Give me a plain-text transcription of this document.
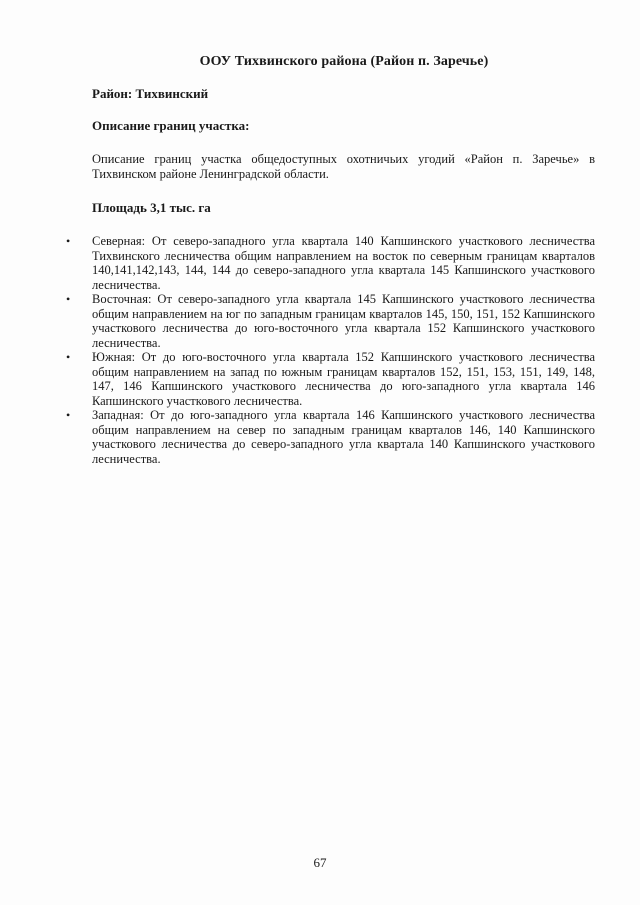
ООУ Тихвинского района (Район п. Заречье)
Район: Тихвинский
Описание границ участка:
Описание границ участка общедоступных охотничьих угодий «Район п. Заречье» в Тихвинском районе Ленинградской области.
Площадь 3,1 тыс. га
• Северная: От северо-западного угла квартала 140 Капшинского участкового лесничества Тихвинского лесничества общим направлением на восток по северным границам кварталов 140,141,142,143, 144, 144 до северо-западного угла квартала 145 Капшинского участкового лесничества.
• Восточная: От северо-западного угла квартала 145 Капшинского участкового лесничества общим направлением на юг по западным границам кварталов 145, 150, 151, 152 Капшинского участкового лесничества до юго-восточного угла квартала 152 Капшинского участкового лесничества.
• Южная: От до юго-восточного угла квартала 152 Капшинского участкового лесничества общим направлением на запад по южным границам кварталов 152, 151, 153, 151, 149, 148, 147, 146 Капшинского участкового лесничества до юго-западного угла квартала 146 Капшинского участкового лесничества.
• Западная: От до юго-западного угла квартала 146 Капшинского участкового лесничества общим направлением на север по западным границам кварталов 146, 140 Капшинского участкового лесничества до северо-западного угла квартала 140 Капшинского участкового лесничества.
67
